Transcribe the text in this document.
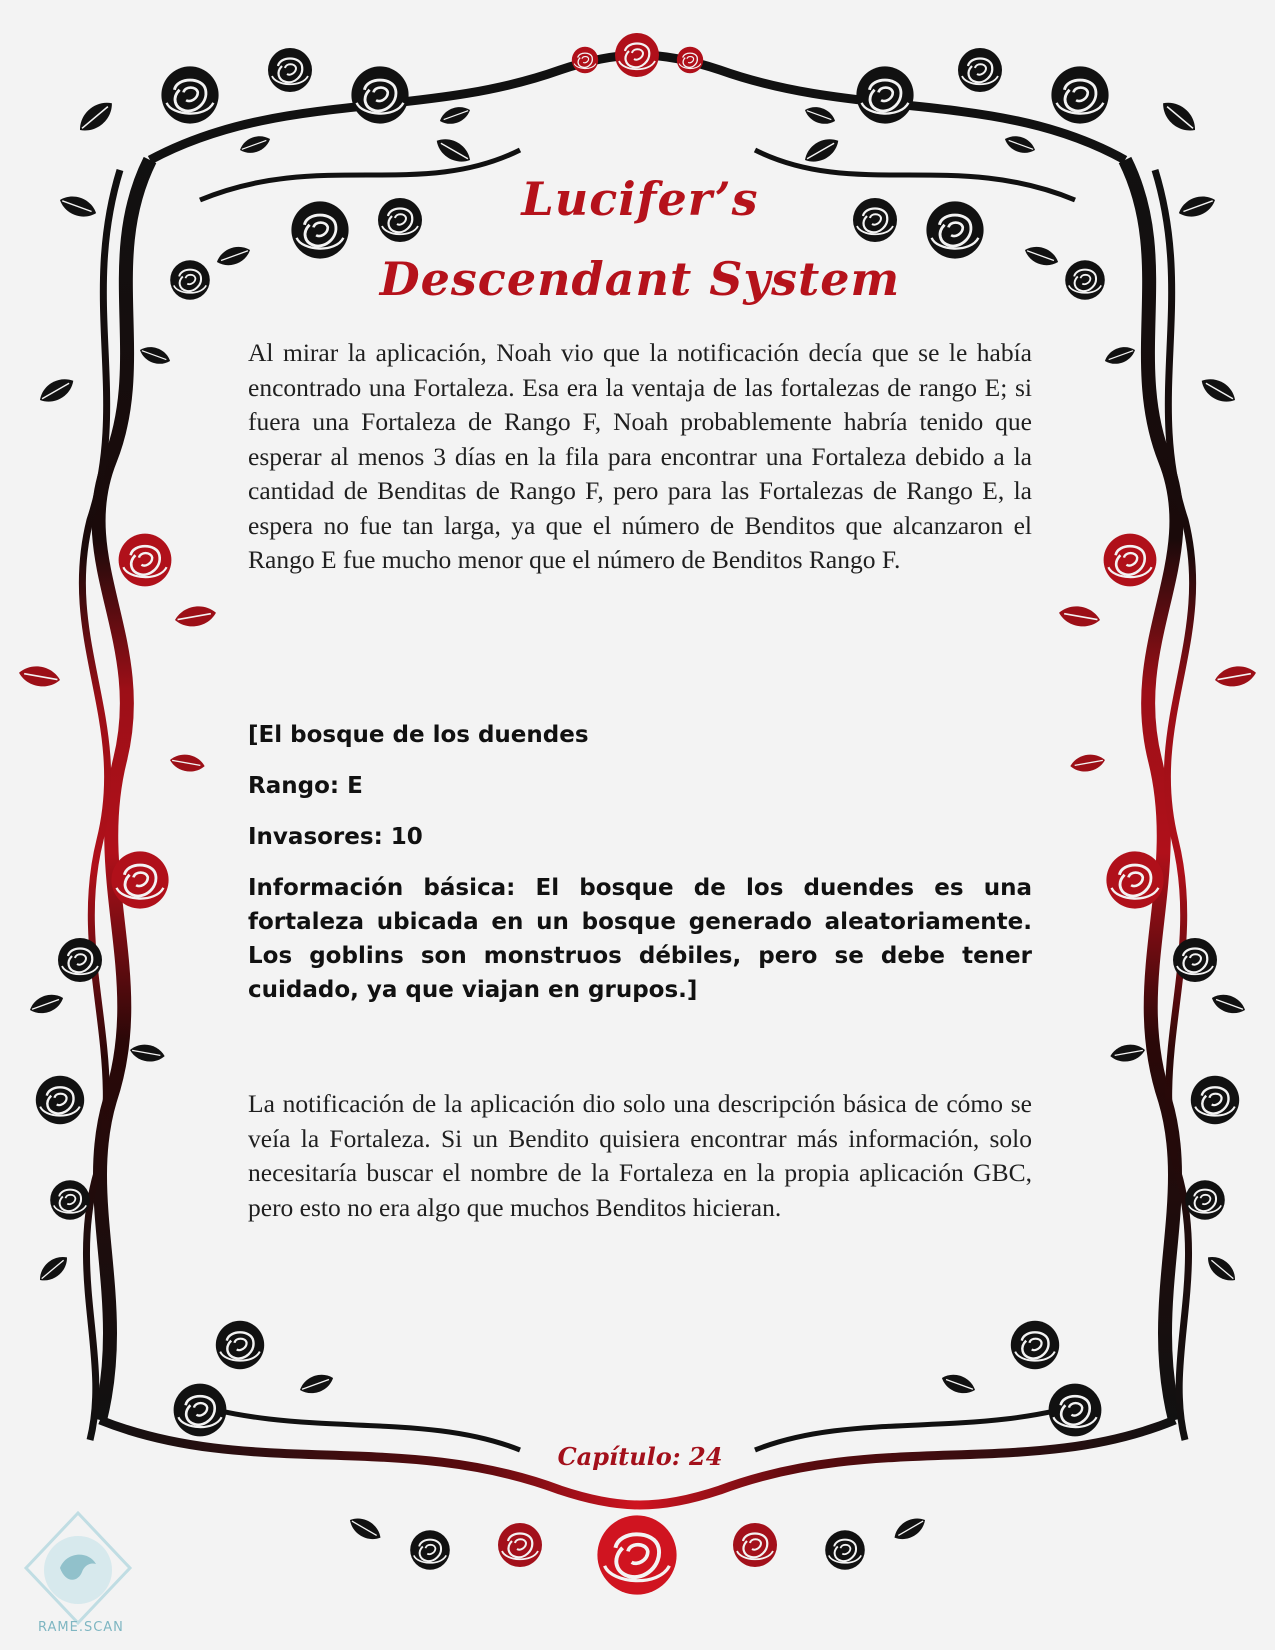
Lucifer’s
Descendant System

Al mirar la aplicación, Noah vio que la notificación decía que se le había encontrado una Fortaleza. Esa era la ventaja de las fortalezas de rango E; si fuera una Fortaleza de Rango F, Noah probablemente habría tenido que esperar al menos 3 días en la fila para encontrar una Fortaleza debido a la cantidad de Benditas de Rango F, pero para las Fortalezas de Rango E, la espera no fue tan larga, ya que el número de Benditos que alcanzaron el Rango E fue mucho menor que el número de Benditos Rango F.

[El bosque de los duendes

Rango: E

Invasores: 10

Información básica: El bosque de los duendes es una fortaleza ubicada en un bosque generado aleatoriamente. Los goblins son monstruos débiles, pero se debe tener cuidado, ya que viajan en grupos.]

La notificación de la aplicación dio solo una descripción básica de cómo se veía la Fortaleza. Si un Bendito quisiera encontrar más información, solo necesitaría buscar el nombre de la Fortaleza en la propia aplicación GBC, pero esto no era algo que muchos Benditos hicieran.

Capítulo: 24
RAME.SCAN
